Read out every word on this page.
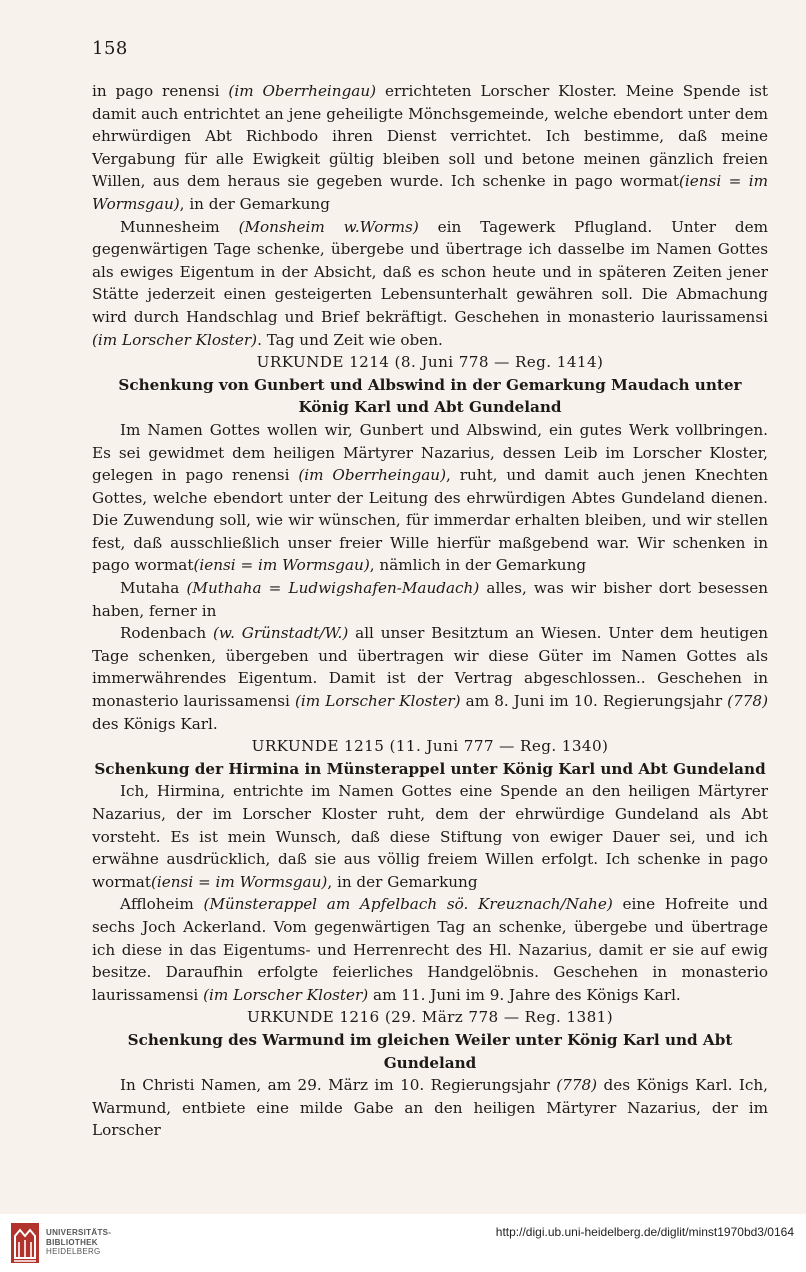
158

in pago renensi (im Oberrheingau) errichteten Lorscher Kloster. Meine Spende ist damit auch entrichtet an jene geheiligte Mönchsgemeinde, welche ebendort unter dem ehrwürdigen Abt Richbodo ihren Dienst verrichtet. Ich bestimme, daß meine Vergabung für alle Ewigkeit gültig bleiben soll und betone meinen gänzlich freien Willen, aus dem heraus sie gegeben wurde. Ich schenke in pago wormat(iensi = im Wormsgau), in der Gemarkung

Munnesheim (Monsheim w.Worms) ein Tagewerk Pflugland. Unter dem gegenwärtigen Tage schenke, übergebe und übertrage ich dasselbe im Namen Gottes als ewiges Eigentum in der Absicht, daß es schon heute und in späteren Zeiten jener Stätte jederzeit einen gesteigerten Lebensunterhalt gewähren soll. Die Abmachung wird durch Handschlag und Brief bekräftigt. Geschehen in monasterio laurissamensi (im Lorscher Kloster). Tag und Zeit wie oben.

URKUNDE 1214 (8. Juni 778 — Reg. 1414)

Schenkung von Gunbert und Albswind in der Gemarkung Maudach unter König Karl und Abt Gundeland

Im Namen Gottes wollen wir, Gunbert und Albswind, ein gutes Werk vollbringen. Es sei gewidmet dem heiligen Märtyrer Nazarius, dessen Leib im Lorscher Kloster, gelegen in pago renensi (im Oberrheingau), ruht, und damit auch jenen Knechten Gottes, welche ebendort unter der Leitung des ehrwürdigen Abtes Gundeland dienen. Die Zuwendung soll, wie wir wünschen, für immerdar erhalten bleiben, und wir stellen fest, daß ausschließlich unser freier Wille hierfür maßgebend war. Wir schenken in pago wormat(iensi = im Wormsgau), nämlich in der Gemarkung

Mutaha (Muthaha = Ludwigshafen-Maudach) alles, was wir bisher dort besessen haben, ferner in

Rodenbach (w. Grünstadt/W.) all unser Besitztum an Wiesen. Unter dem heutigen Tage schenken, übergeben und übertragen wir diese Güter im Namen Gottes als immerwährendes Eigentum. Damit ist der Vertrag abgeschlossen.. Geschehen in monasterio laurissamensi (im Lorscher Kloster) am 8. Juni im 10. Regierungsjahr (778) des Königs Karl.

URKUNDE 1215 (11. Juni 777 — Reg. 1340)

Schenkung der Hirmina in Münsterappel unter König Karl und Abt Gundeland

Ich, Hirmina, entrichte im Namen Gottes eine Spende an den heiligen Märtyrer Nazarius, der im Lorscher Kloster ruht, dem der ehrwürdige Gundeland als Abt vorsteht. Es ist mein Wunsch, daß diese Stiftung von ewiger Dauer sei, und ich erwähne ausdrücklich, daß sie aus völlig freiem Willen erfolgt. Ich schenke in pago wormat(iensi = im Wormsgau), in der Gemarkung

Affloheim (Münsterappel am Apfelbach sö. Kreuznach/Nahe) eine Hofreite und sechs Joch Ackerland. Vom gegenwärtigen Tag an schenke, übergebe und übertrage ich diese in das Eigentums- und Herrenrecht des Hl. Nazarius, damit er sie auf ewig besitze. Daraufhin erfolgte feierliches Handgelöbnis. Geschehen in monasterio laurissamensi (im Lorscher Kloster) am 11. Juni im 9. Jahre des Königs Karl.

URKUNDE 1216 (29. März 778 — Reg. 1381)

Schenkung des Warmund im gleichen Weiler unter König Karl und Abt Gundeland

In Christi Namen, am 29. März im 10. Regierungsjahr (778) des Königs Karl. Ich, Warmund, entbiete eine milde Gabe an den heiligen Märtyrer Nazarius, der im Lorscher

UNIVERSITÄTS-
BIBLIOTHEK
HEIDELBERG
http://digi.ub.uni-heidelberg.de/diglit/minst1970bd3/0164
